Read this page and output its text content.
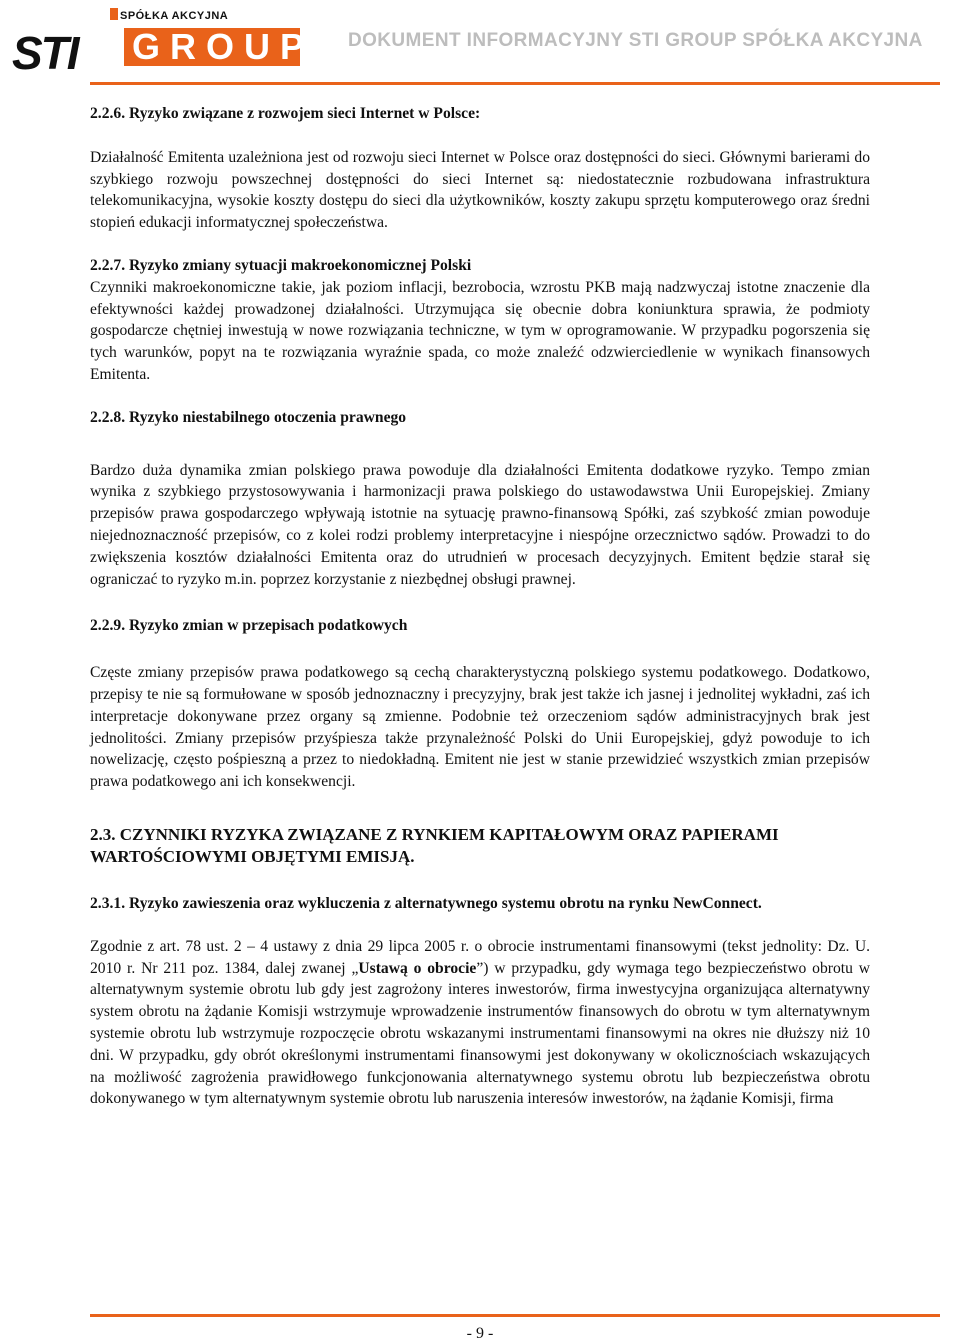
SPÓŁKA AKCYJNA
STI GROUP DOKUMENT INFORMACYJNY STI GROUP SPÓŁKA AKCYJNA

2.2.6. Ryzyko związane z rozwojem sieci Internet w Polsce:

Działalność Emitenta uzależniona jest od rozwoju sieci Internet w Polsce oraz dostępności do sieci. Głównymi barierami do szybkiego rozwoju powszechnej dostępności do sieci Internet są: niedostatecznie rozbudowana infrastruktura telekomunikacyjna, wysokie koszty dostępu do sieci dla użytkowników, koszty zakupu sprzętu komputerowego oraz średni stopień edukacji informatycznej społeczeństwa.

2.2.7. Ryzyko zmiany sytuacji makroekonomicznej Polski

Czynniki makroekonomiczne takie, jak poziom inflacji, bezrobocia, wzrostu PKB mają nadzwyczaj istotne znaczenie dla efektywności każdej prowadzonej działalności. Utrzymująca się obecnie dobra koniunktura sprawia, że podmioty gospodarcze chętniej inwestują w nowe rozwiązania techniczne, w tym w oprogramowanie. W przypadku pogorszenia się tych warunków, popyt na te rozwiązania wyraźnie spada, co może znaleźć odzwierciedlenie w wynikach finansowych Emitenta.

2.2.8. Ryzyko niestabilnego otoczenia prawnego

Bardzo duża dynamika zmian polskiego prawa powoduje dla działalności Emitenta dodatkowe ryzyko. Tempo zmian wynika z szybkiego przystosowywania i harmonizacji prawa polskiego do ustawodawstwa Unii Europejskiej. Zmiany przepisów prawa gospodarczego wpływają istotnie na sytuację prawno-finansową Spółki, zaś szybkość zmian powoduje niejednoznaczność przepisów, co z kolei rodzi problemy interpretacyjne i niespójne orzecznictwo sądów. Prowadzi to do zwiększenia kosztów działalności Emitenta oraz do utrudnień w procesach decyzyjnych. Emitent będzie starał się ograniczać to ryzyko m.in. poprzez korzystanie z niezbędnej obsługi prawnej.

2.2.9. Ryzyko zmian w przepisach podatkowych

Częste zmiany przepisów prawa podatkowego są cechą charakterystyczną polskiego systemu podatkowego. Dodatkowo, przepisy te nie są formułowane w sposób jednoznaczny i precyzyjny, brak jest także ich jasnej i jednolitej wykładni, zaś ich interpretacje dokonywane przez organy są zmienne. Podobnie też orzeczeniom sądów administracyjnych brak jest jednolitości. Zmiany przepisów przyśpiesza także przynależność Polski do Unii Europejskiej, gdyż powoduje to ich nowelizację, często pośpieszną a przez to niedokładną. Emitent nie jest w stanie przewidzieć wszystkich zmian przepisów prawa podatkowego ani ich konsekwencji.

2.3. CZYNNIKI RYZYKA ZWIĄZANE Z RYNKIEM KAPITAŁOWYM ORAZ PAPIERAMI WARTOŚCIOWYMI OBJĘTYMI EMISJĄ.

2.3.1. Ryzyko zawieszenia oraz wykluczenia z alternatywnego systemu obrotu na rynku NewConnect.

Zgodnie z art. 78 ust. 2 – 4 ustawy z dnia 29 lipca 2005 r. o obrocie instrumentami finansowymi (tekst jednolity: Dz. U. 2010 r. Nr 211 poz. 1384, dalej zwanej „Ustawą o obrocie”) w przypadku, gdy wymaga tego bezpieczeństwo obrotu w alternatywnym systemie obrotu lub gdy jest zagrożony interes inwestorów, firma inwestycyjna organizująca alternatywny system obrotu na żądanie Komisji wstrzymuje wprowadzenie instrumentów finansowych do obrotu w tym alternatywnym systemie obrotu lub wstrzymuje rozpoczęcie obrotu wskazanymi instrumentami finansowymi na okres nie dłuższy niż 10 dni. W przypadku, gdy obrót określonymi instrumentami finansowymi jest dokonywany w okolicznościach wskazujących na możliwość zagrożenia prawidłowego funkcjonowania alternatywnego systemu obrotu lub bezpieczeństwa obrotu dokonywanego w tym alternatywnym systemie obrotu lub naruszenia interesów inwestorów, na żądanie Komisji, firma

- 9 -
